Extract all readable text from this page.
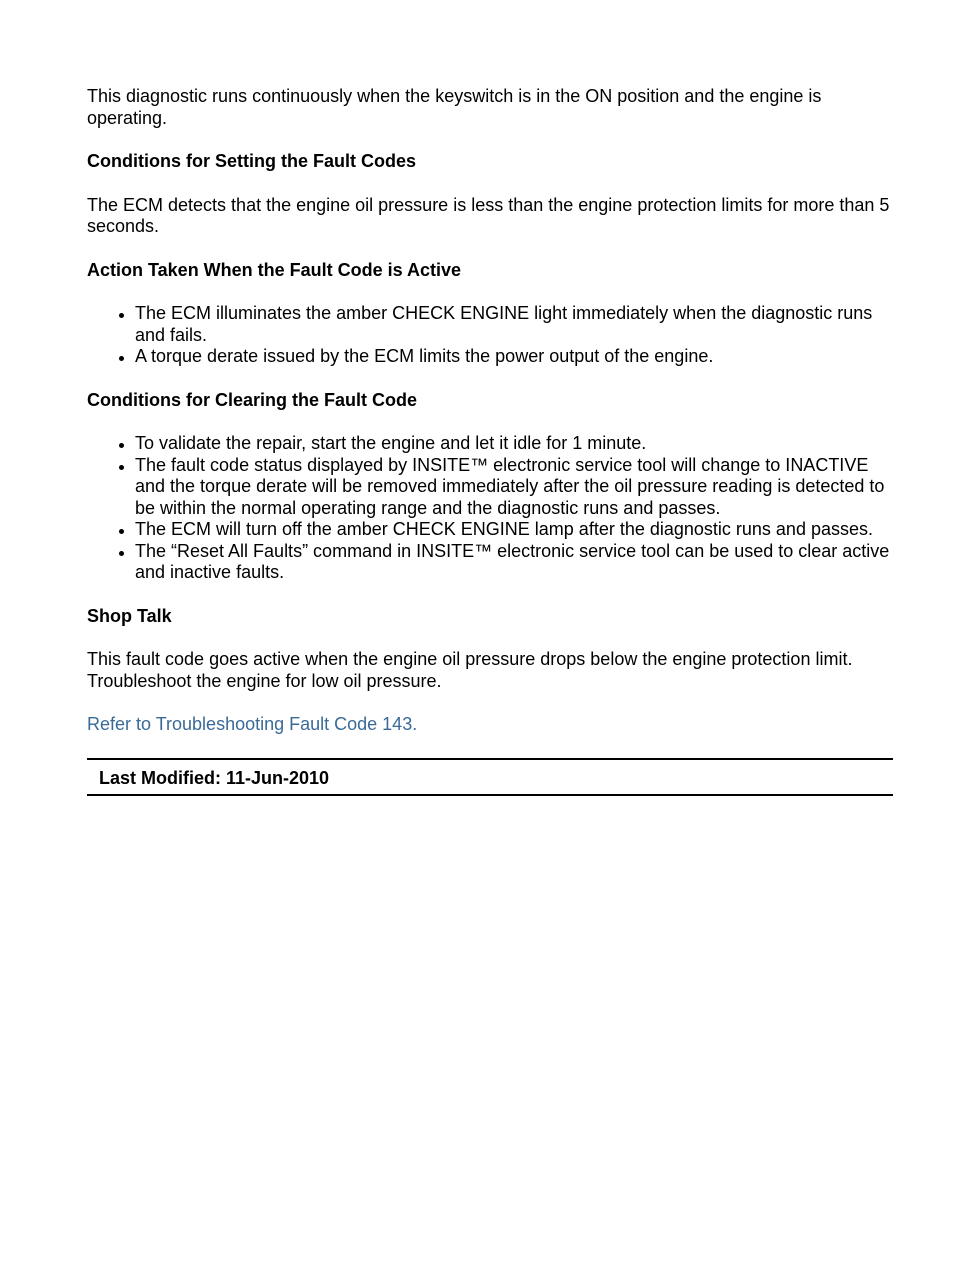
This diagnostic runs continuously when the keyswitch is in the ON position and the engine is operating.

Conditions for Setting the Fault Codes

The ECM detects that the engine oil pressure is less than the engine protection limits for more than 5 seconds.

Action Taken When the Fault Code is Active
The ECM illuminates the amber CHECK ENGINE light immediately when the diagnostic runs and fails.
A torque derate issued by the ECM limits the power output of the engine.
Conditions for Clearing the Fault Code
To validate the repair, start the engine and let it idle for 1 minute.
The fault code status displayed by INSITE™ electronic service tool will change to INACTIVE and the torque derate will be removed immediately after the oil pressure reading is detected to be within the normal operating range and the diagnostic runs and passes.
The ECM will turn off the amber CHECK ENGINE lamp after the diagnostic runs and passes.
The “Reset All Faults” command in INSITE™ electronic service tool can be used to clear active and inactive faults.
Shop Talk

This fault code goes active when the engine oil pressure drops below the engine protection limit. Troubleshoot the engine for low oil pressure.

Refer to Troubleshooting Fault Code 143.

Last Modified: 11-Jun-2010
